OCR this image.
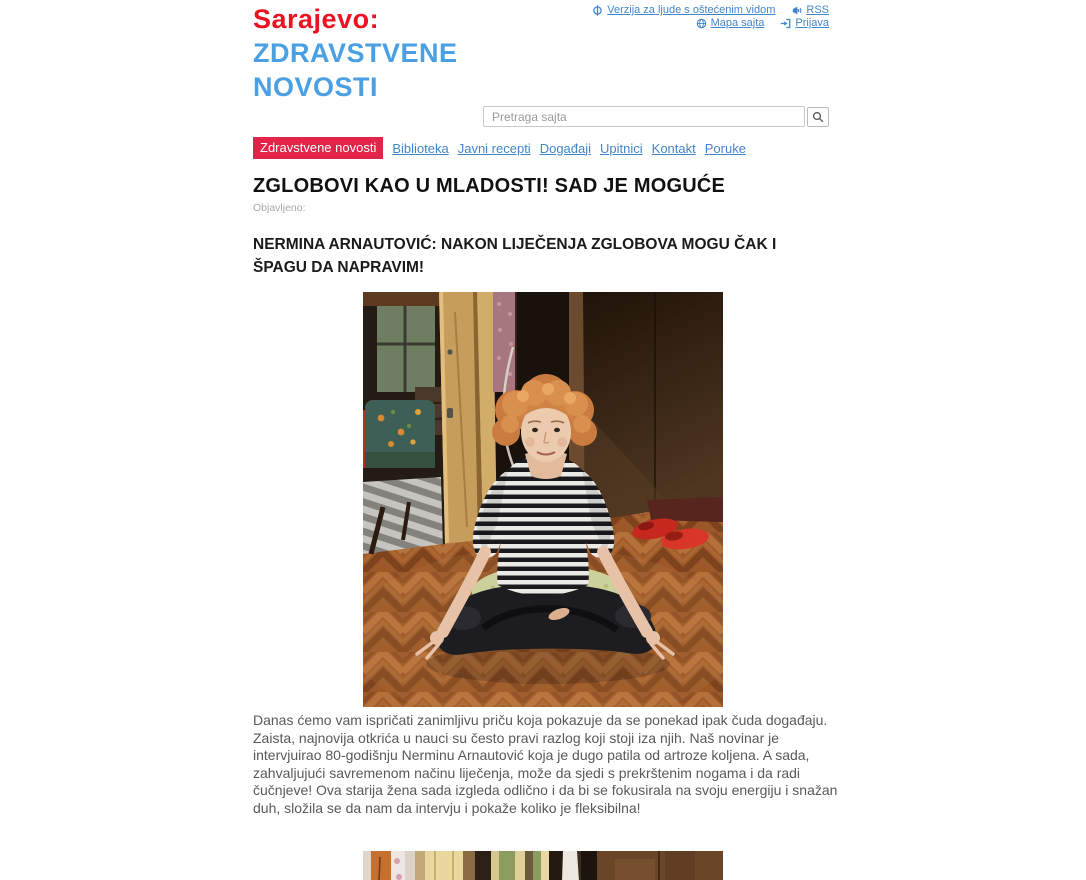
Sarajevo:
ZDRAVSTVENE
NOVOSTI
Verzija za ljude s oštećenim vidom	RSS
Mapa sajta	Prijava
Pretraga sajta
Zdravstvene novosti	Biblioteka Javni recepti Događaji Upitnici Kontakt Poruke
ZGLOBOVI KAO U MLADOSTI! SAD JE MOGUĆE
Objavljeno:
NERMINA ARNAUTOVIĆ: NAKON LIJEČENJA ZGLOBOVA MOGU ČAK I ŠPAGU DA NAPRAVIM!

Danas ćemo vam ispričati zanimljivu priču koja pokazuje da se ponekad ipak čuda događaju. Zaista, najnovija otkrića u nauci su često pravi razlog koji stoji iza njih. Naš novinar je intervjuirao 80-godišnju Nerminu Arnautović koja je dugo patila od artroze koljena. A sada, zahvaljujući savremenom načinu liječenja, može da sjedi s prekrštenim nogama i da radi čučnjeve! Ova starija žena sada izgleda odlično i da bi se fokusirala na svoju energiju i snažan duh, složila se da nam da intervju i pokaže koliko je fleksibilna!
